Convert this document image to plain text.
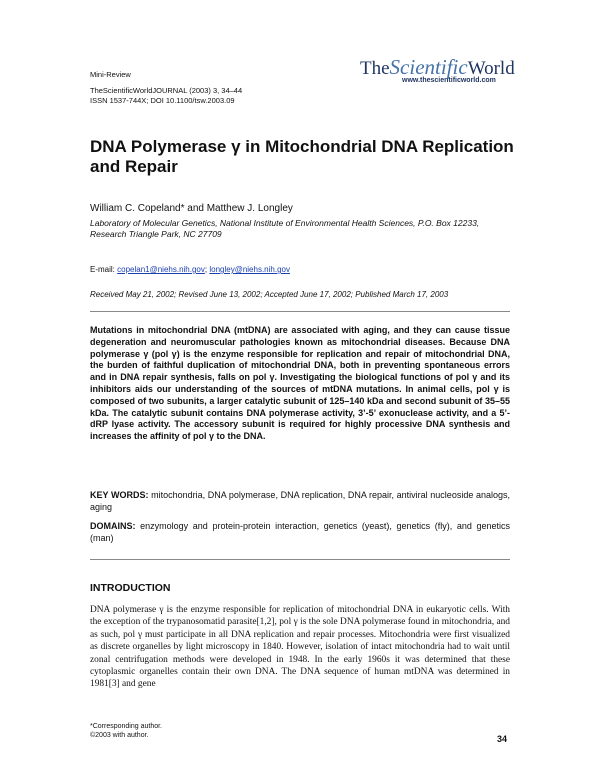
Mini-Review
TheScientificWorldJOURNAL (2003) 3, 34–44
ISSN 1537-744X; DOI 10.1100/tsw.2003.09
TheScientificWorld
www.thescientificworld.com
DNA Polymerase γ in Mitochondrial DNA Replication and Repair
William C. Copeland* and Matthew J. Longley
Laboratory of Molecular Genetics, National Institute of Environmental Health Sciences, P.O. Box 12233, Research Triangle Park, NC 27709
E-mail: copelan1@niehs.nih.gov; longley@niehs.nih.gov
Received May 21, 2002; Revised June 13, 2002; Accepted June 17, 2002; Published March 17, 2003
Mutations in mitochondrial DNA (mtDNA) are associated with aging, and they can cause tissue degeneration and neuromuscular pathologies known as mitochondrial diseases. Because DNA polymerase γ (pol γ) is the enzyme responsible for replication and repair of mitochondrial DNA, the burden of faithful duplication of mitochondrial DNA, both in preventing spontaneous errors and in DNA repair synthesis, falls on pol γ. Investigating the biological functions of pol γ and its inhibitors aids our understanding of the sources of mtDNA mutations. In animal cells, pol γ is composed of two subunits, a larger catalytic subunit of 125–140 kDa and second subunit of 35–55 kDa. The catalytic subunit contains DNA polymerase activity, 3’-5’ exonuclease activity, and a 5’-dRP lyase activity. The accessory subunit is required for highly processive DNA synthesis and increases the affinity of pol γ to the DNA.
KEY WORDS: mitochondria, DNA polymerase, DNA replication, DNA repair, antiviral nucleoside analogs, aging
DOMAINS: enzymology and protein-protein interaction, genetics (yeast), genetics (fly), and genetics (man)
INTRODUCTION
DNA polymerase γ is the enzyme responsible for replication of mitochondrial DNA in eukaryotic cells. With the exception of the trypanosomatid parasite[1,2], pol γ is the sole DNA polymerase found in mitochondria, and as such, pol γ must participate in all DNA replication and repair processes. Mitochondria were first visualized as discrete organelles by light microscopy in 1840. However, isolation of intact mitochondria had to wait until zonal centrifugation methods were developed in 1948. In the early 1960s it was determined that these cytoplasmic organelles contain their own DNA. The DNA sequence of human mtDNA was determined in 1981[3] and gene
*Corresponding author.
©2003 with author.	34
